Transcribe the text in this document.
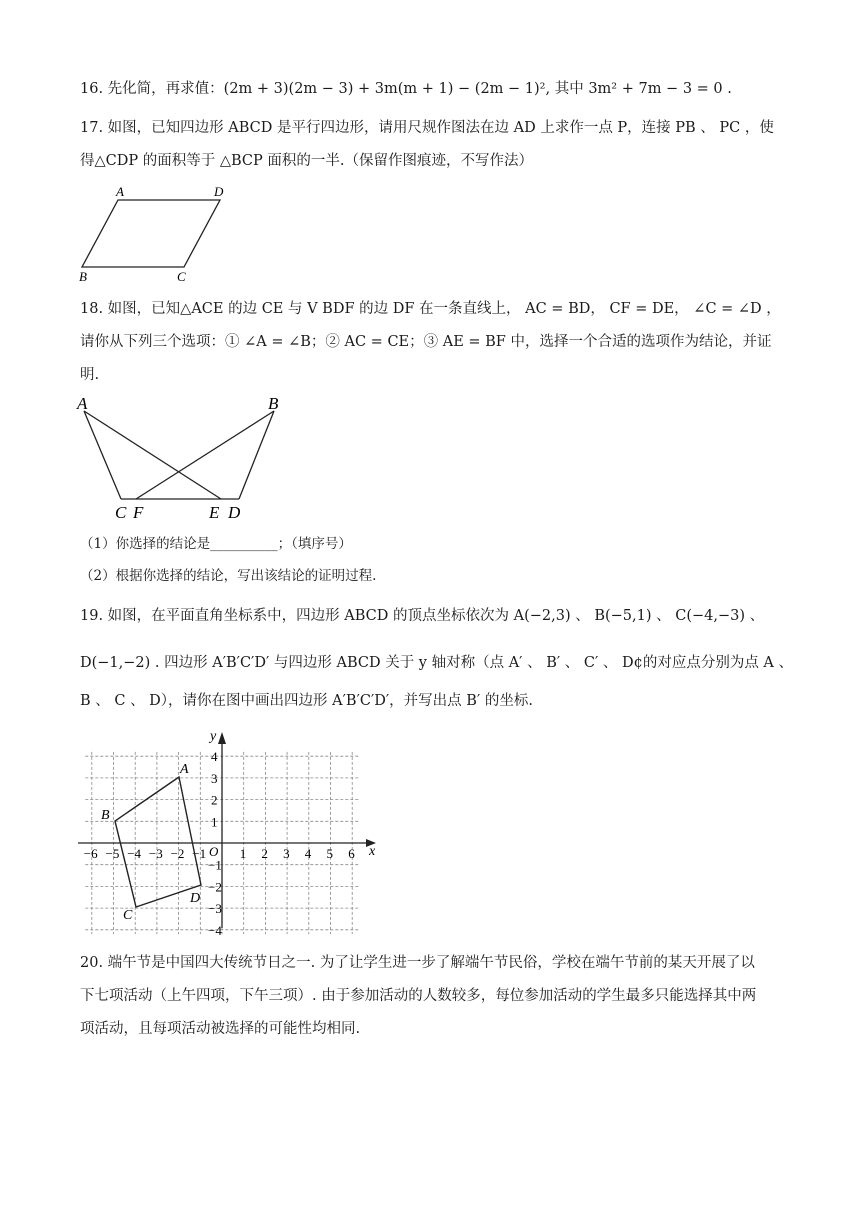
16. 先化简，再求值：(2m + 3)(2m − 3) + 3m(m + 1) − (2m − 1)², 其中 3m² + 7m − 3 = 0 .
17. 如图，已知四边形 ABCD 是平行四边形，请用尺规作图法在边 AD 上求作一点 P，连接 PB 、 PC ，使
得△CDP 的面积等于 △BCP 面积的一半.（保留作图痕迹，不写作法）
A	D
B	C
18. 如图，已知△ACE 的边 CE 与 V BDF 的边 DF 在一条直线上， AC = BD， CF = DE， ∠C = ∠D ，
请你从下列三个选项：① ∠A = ∠B；② AC = CE；③ AE = BF 中，选择一个合适的选项作为结论，并证
明.
A	B
C F	E D
（1）你选择的结论是__________；（填序号）
（2）根据你选择的结论，写出该结论的证明过程.
19. 如图，在平面直角坐标系中，四边形 ABCD 的顶点坐标依次为 A(−2,3) 、 B(−5,1) 、 C(−4,−3) 、
D(−1,−2) . 四边形 A′B′C′D′ 与四边形 ABCD 关于 y 轴对称（点 A′ 、 B′ 、 C′ 、 D¢的对应点分别为点 A 、
B 、 C 、 D），请你在图中画出四边形 A′B′C′D′，并写出点 B′ 的坐标.
x
y
O
−6 −5 −4 −3 −2 −1	1 2 3 4 5 6
4
3
2
1
−1
−2
−3
−4
A
B
C
D
20. 端午节是中国四大传统节日之一. 为了让学生进一步了解端午节民俗，学校在端午节前的某天开展了以
下七项活动（上午四项，下午三项）. 由于参加活动的人数较多，每位参加活动的学生最多只能选择其中两
项活动，且每项活动被选择的可能性均相同.
